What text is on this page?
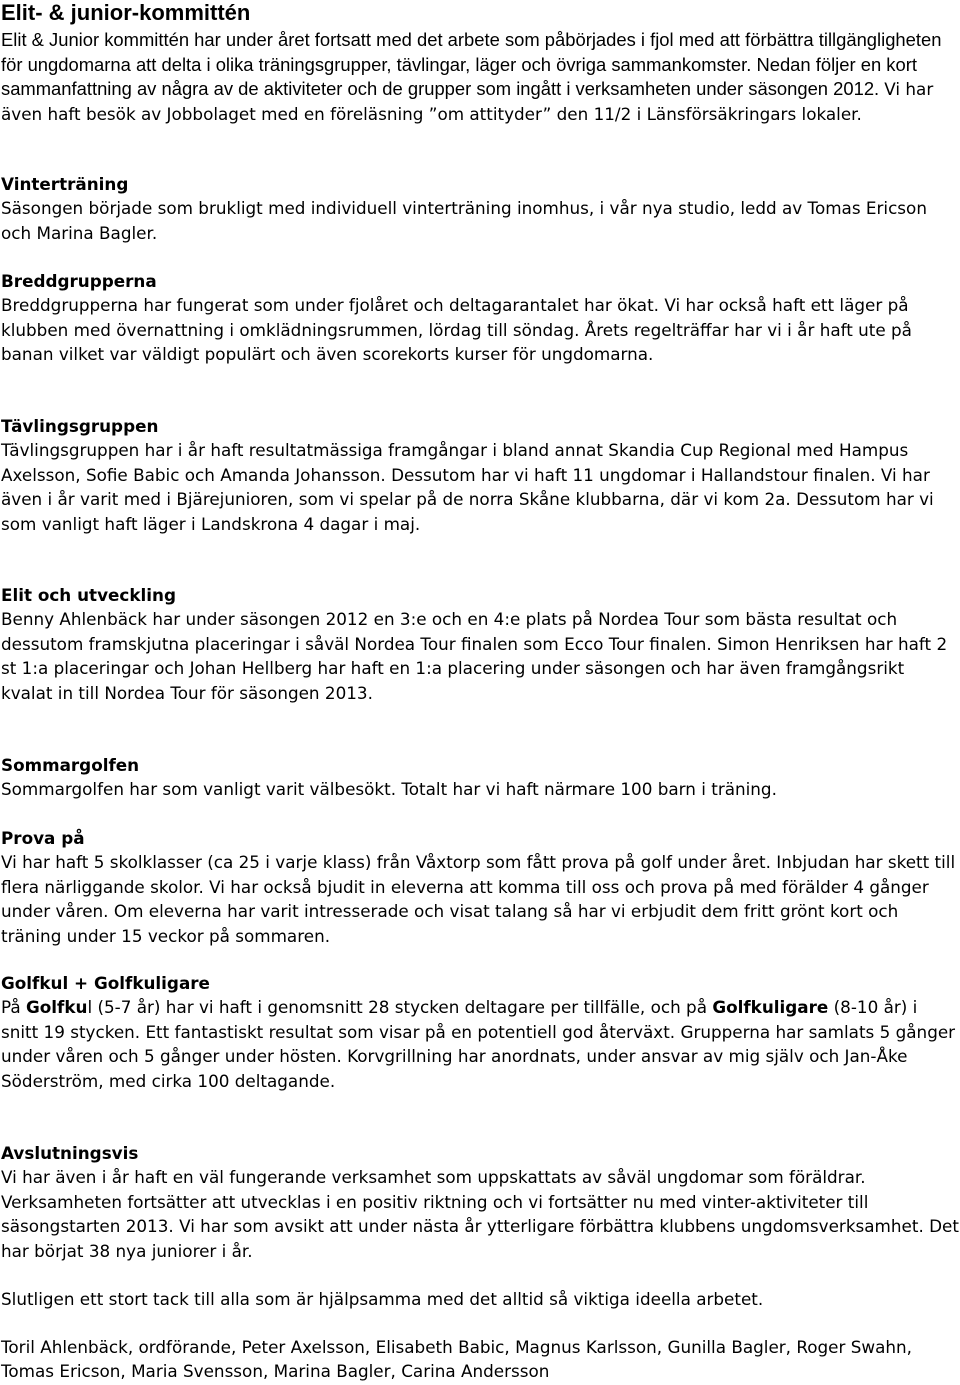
Elit- & junior-kommittén

Elit & Junior kommittén har under året fortsatt med det arbete som påbörjades i fjol med att förbättra tillgängligheten för ungdomarna att delta i olika träningsgrupper, tävlingar, läger och övriga sammankomster. Nedan följer en kort sammanfattning av några av de aktiviteter och de grupper som ingått i verksamheten under säsongen 2012. Vi har även haft besök av Jobbolaget med en föreläsning ”om attityder” den 11/2 i Länsförsäkringars lokaler.

Vinterträning

Säsongen började som brukligt med individuell vinterträning inomhus, i vår nya studio, ledd av Tomas Ericson och Marina Bagler.

Breddgrupperna

Breddgrupperna har fungerat som under fjolåret och deltagarantalet har ökat. Vi har också haft ett läger på klubben med övernattning i omklädningsrummen, lördag till söndag. Årets regelträffar har vi i år haft ute på banan vilket var väldigt populärt och även scorekorts kurser för ungdomarna.

Tävlingsgruppen

Tävlingsgruppen har i år haft resultatmässiga framgångar i bland annat Skandia Cup Regional med Hampus Axelsson, Sofie Babic och Amanda Johansson. Dessutom har vi haft 11 ungdomar i Hallandstour finalen. Vi har även i år varit med i Bjärejunioren, som vi spelar på de norra Skåne klubbarna, där vi kom 2a. Dessutom har vi som vanligt haft läger i Landskrona 4 dagar i maj.

Elit och utveckling

Benny Ahlenbäck har under säsongen 2012 en 3:e och en 4:e plats på Nordea Tour som bästa resultat och dessutom framskjutna placeringar i såväl Nordea Tour finalen som Ecco Tour finalen. Simon Henriksen har haft 2 st 1:a placeringar och Johan Hellberg har haft en 1:a placering under säsongen och har även framgångsrikt kvalat in till Nordea Tour för säsongen 2013.

Sommargolfen

Sommargolfen har som vanligt varit välbesökt. Totalt har vi haft närmare 100 barn i träning.

Prova på

Vi har haft 5 skolklasser (ca 25 i varje klass) från Våxtorp som fått prova på golf under året. Inbjudan har skett till flera närliggande skolor. Vi har också bjudit in eleverna att komma till oss och prova på med förälder 4 gånger under våren. Om eleverna har varit intresserade och visat talang så har vi erbjudit dem fritt grönt kort och träning under 15 veckor på sommaren.

Golfkul + Golfkuligare

På Golfkul (5-7 år) har vi haft i genomsnitt 28 stycken deltagare per tillfälle, och på Golfkuligare (8-10 år) i snitt 19 stycken. Ett fantastiskt resultat som visar på en potentiell god återväxt. Grupperna har samlats 5 gånger under våren och 5 gånger under hösten. Korvgrillning har anordnats, under ansvar av mig själv och Jan-Åke Söderström, med cirka 100 deltagande.

Avslutningsvis

Vi har även i år haft en väl fungerande verksamhet som uppskattats av såväl ungdomar som föräldrar. Verksamheten fortsätter att utvecklas i en positiv riktning och vi fortsätter nu med vinter-aktiviteter till säsongstarten 2013. Vi har som avsikt att under nästa år ytterligare förbättra klubbens ungdomsverksamhet. Det har börjat 38 nya juniorer i år.

Slutligen ett stort tack till alla som är hjälpsamma med det alltid så viktiga ideella arbetet.

Toril Ahlenbäck, ordförande, Peter Axelsson, Elisabeth Babic, Magnus Karlsson, Gunilla Bagler, Roger Swahn, Tomas Ericson, Maria Svensson, Marina Bagler, Carina Andersson
